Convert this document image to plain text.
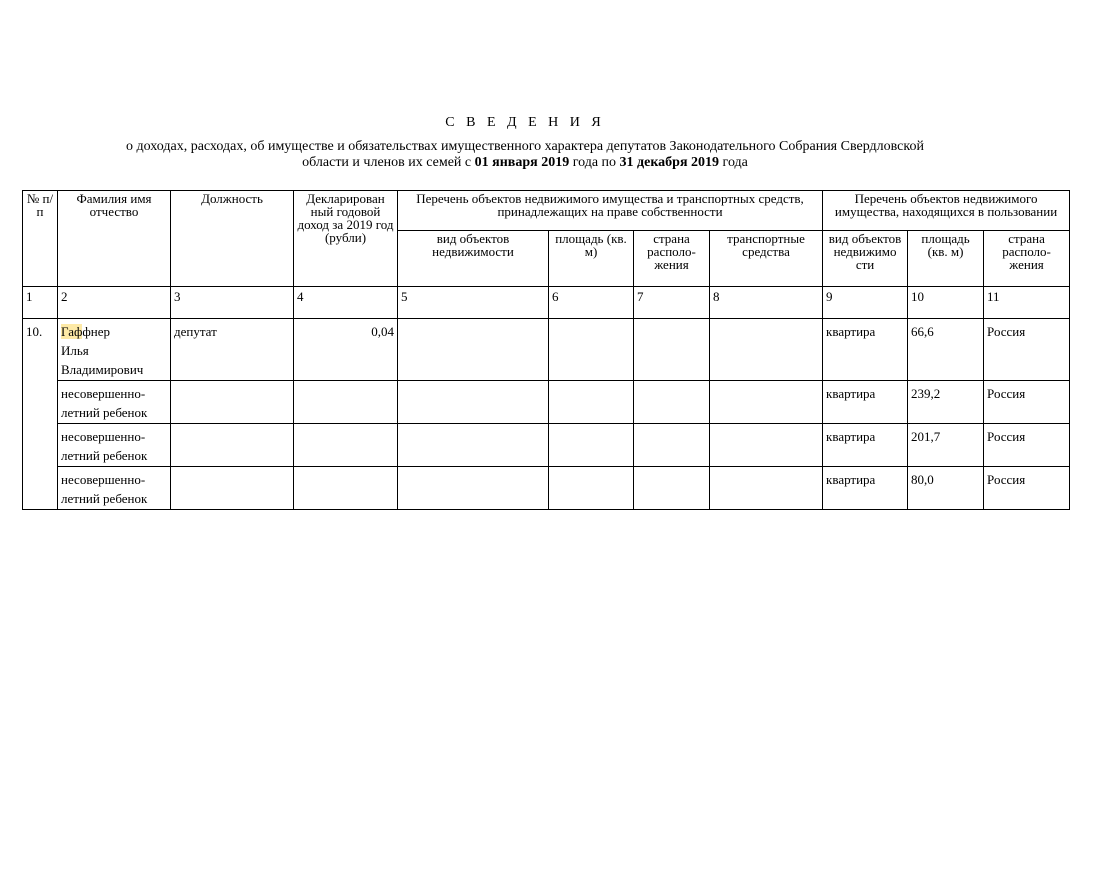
С В Е Д Е Н И Я
о доходах, расходах, об имуществе и обязательствах имущественного характера депутатов Законодательного Собрания Свердловской
области и членов их семей с 01 января 2019 года по 31 декабря 2019 года
№ п/п	Фамилия имя отчество	Должность	Декларирован ный годовой доход за 2019 год (рубли)	Перечень объектов недвижимого имущества и транспортных средств, принадлежащих на праве собственности				Перечень объектов недвижимого имущества, находящихся в пользовании		
				вид объектов недвижимости	площадь (кв. м)	страна располо-жения	транспортные средства	вид объектов недвижимо сти	площадь (кв. м)	страна располо-жения
1	2	3	4	5	6	7	8	9	10	11
10.	Гаффнер
Илья
Владимирович	депутат	0,04					квартира	66,6	Россия
	несовершенно-
летний ребенок							квартира	239,2	Россия
	несовершенно-
летний ребенок							квартира	201,7	Россия
	несовершенно-
летний ребенок							квартира	80,0	Россия
